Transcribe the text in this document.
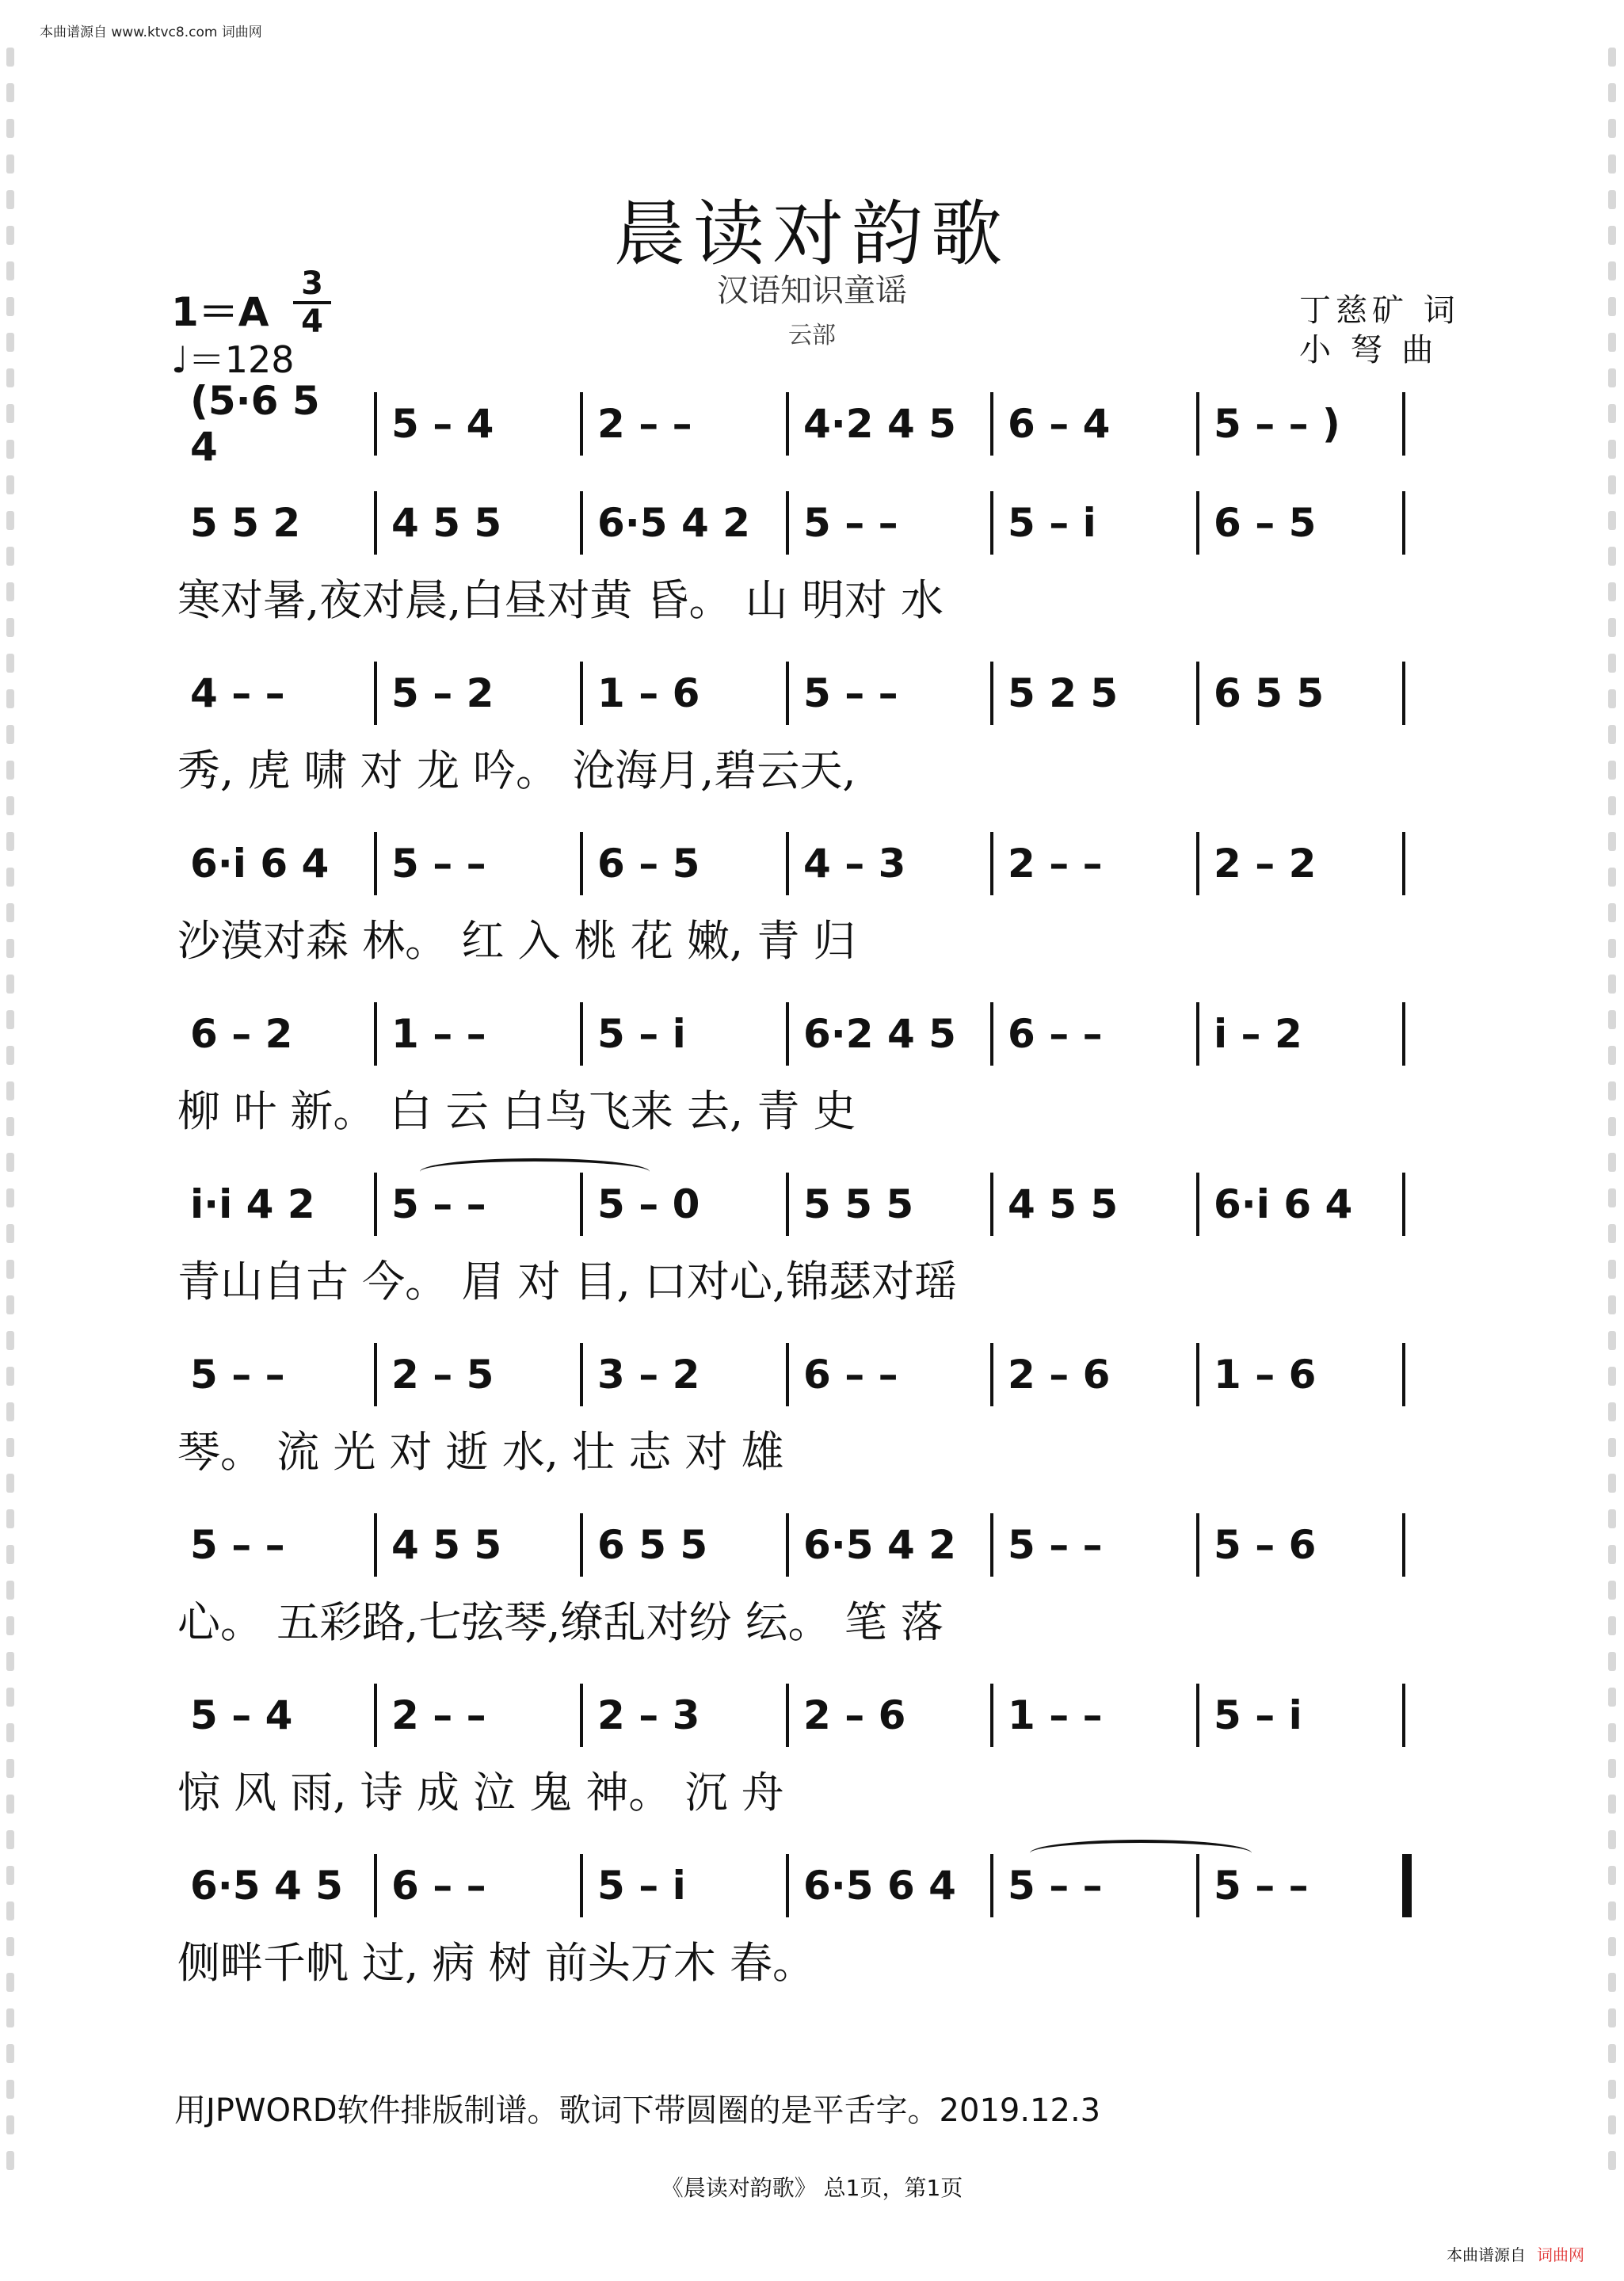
本曲谱源自 www.ktvc8.com 词曲网
晨读对韵歌
汉语知识童谣
云部
1＝A
3
4
♩＝128
丁慈矿 词
小 弩 曲
(5·6 5 4	5 – 4	2 – –	4·2 4 5	6 – 4	5 – – )
5 5 2	4 5 5	6·5 4 2	5 – –	5 – i	6 – 5
寒对暑,夜对晨,白昼对黄 昏。 山 明对 水
4 – –	5 – 2	1 – 6	5 – –	5 2 5	6 5 5
秀, 虎 啸 对 龙 吟。 沧海月,碧云天,
6·i 6 4	5 – –	6 – 5	4 – 3	2 – –	2 – 2
沙漠对森 林。 红 入 桃 花 嫩, 青 归
6 – 2	1 – –	5 – i	6·2 4 5	6 – –	i – 2
柳 叶 新。 白 云 白鸟飞来 去, 青 史
i·i 4 2	5 – –	5 – 0	5 5 5	4 5 5	6·i 6 4
青山自古 今。 眉 对 目, 口对心,锦瑟对瑶
5 – –	2 – 5	3 – 2	6 – –	2 – 6	1 – 6
琴。 流 光 对 逝 水, 壮 志 对 雄
5 – –	4 5 5	6 5 5	6·5 4 2	5 – –	5 – 6
心。 五彩路,七弦琴,缭乱对纷 纭。 笔 落
5 – 4	2 – –	2 – 3	2 – 6	1 – –	5 – i
惊 风 雨, 诗 成 泣 鬼 神。 沉 舟
6·5 4 5	6 – –	5 – i	6·5 6 4	5 – –	5 – –
侧畔千帆 过, 病 树 前头万木 春。
用JPWORD软件排版制谱。歌词下带圆圈的是平舌字。2019.12.3
《晨读对韵歌》 总1页，第1页
本曲谱源自 词曲网
